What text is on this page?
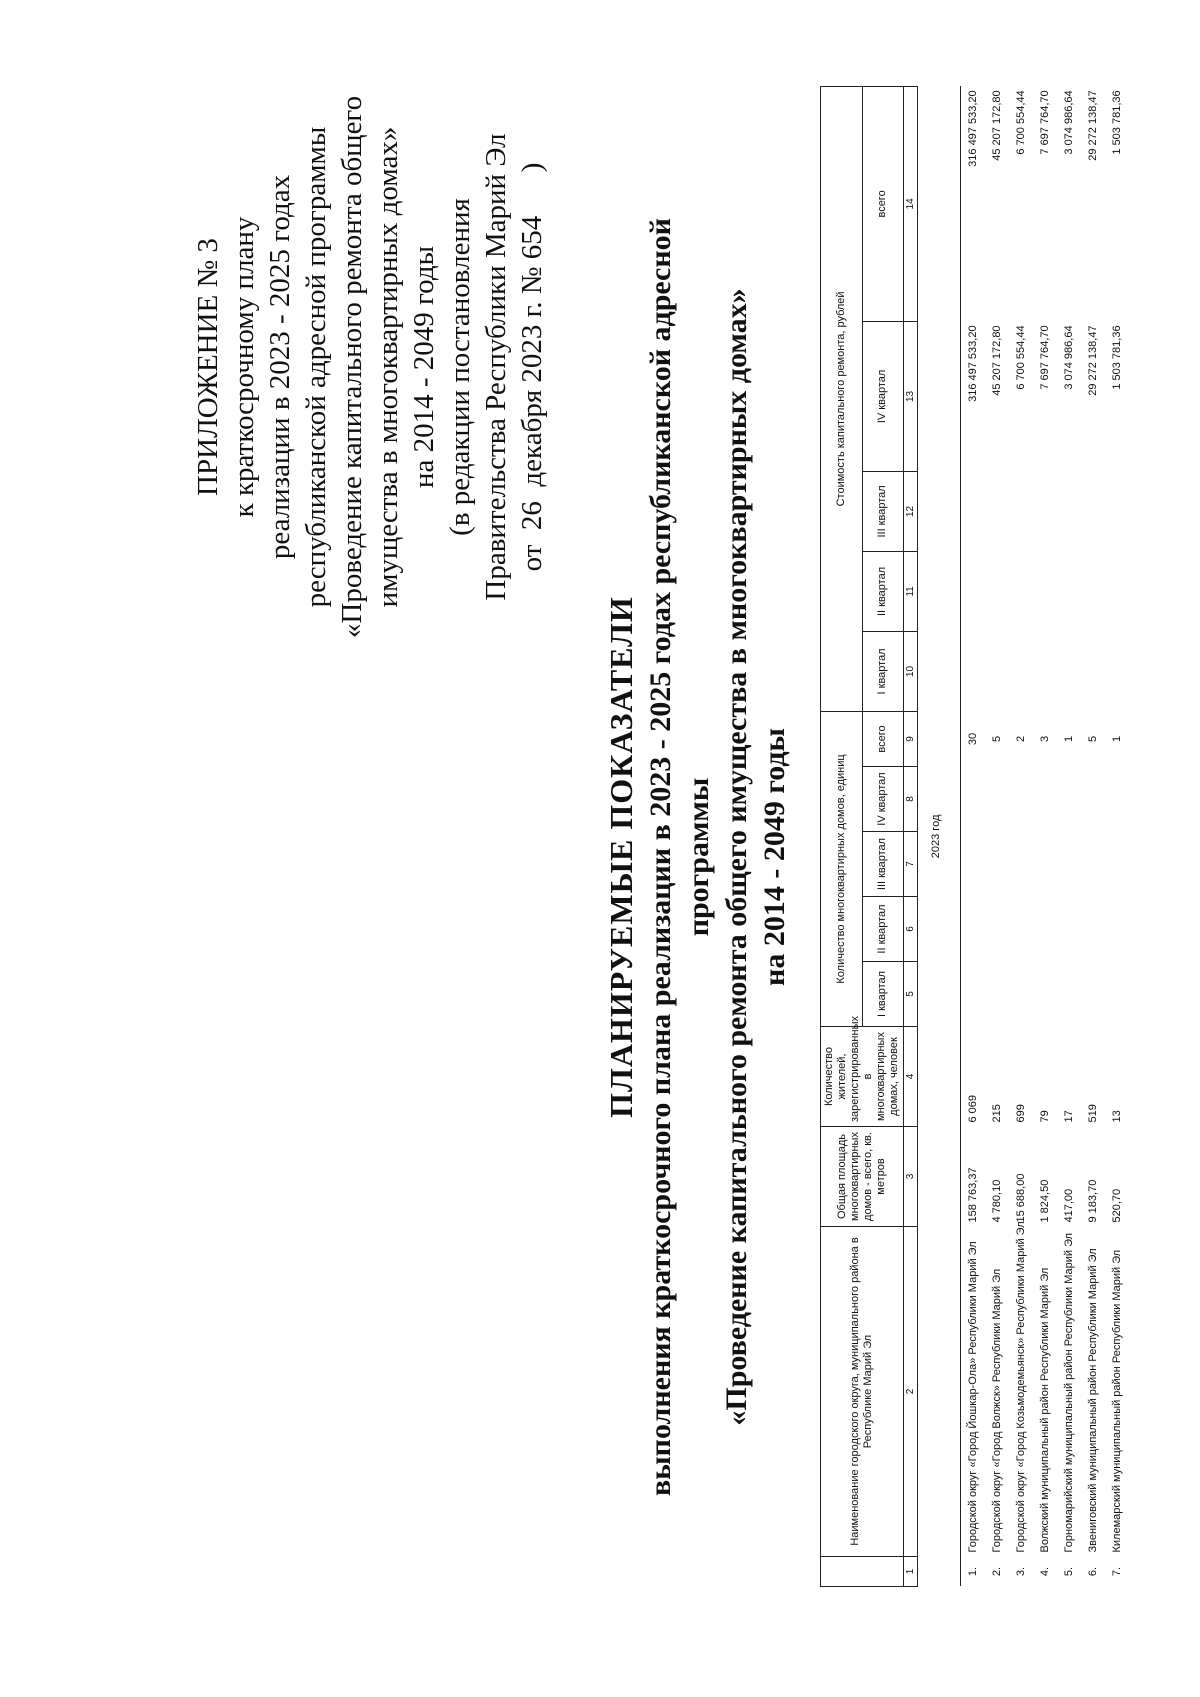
ПРИЛОЖЕНИЕ № 3 к краткосрочному плану реализации в 2023 - 2025 годах республиканской адресной программы «Проведение капитального ремонта общего имущества в многоквартирных домах» на 2014 - 2049 годы (в редакции постановления Правительства Республики Марий Эл от  26  декабря 2023 г. № 654      )
ПЛАНИРУЕМЫЕ ПОКАЗАТЕЛИ выполнения краткосрочного плана реализации в 2023 - 2025 годах республиканской адресной программы «Проведение капитального ремонта общего имущества в многоквартирных домах» на 2014 - 2049 годы
	Наименование городского округа, муниципального района в Республике Марий Эл	Общая площадь многоквартирных домов - всего, кв. метров	Количество жителей, зарегистрированных в многоквартирных домах, человек	Количество многоквартирных домов, единиц					Стоимость капитального ремонта, рублей				
				I квартал	II квартал	III квартал	IV квартал	всего	I квартал	II квартал	III квартал	IV квартал	всего
1	2	3	4	5	6	7	8	9	10	11	12	13	14
2023 год													
1.	Городской округ «Город Йошкар-Ола» Республики Марий Эл	158 763,37	6 069					30				316 497 533,20	316 497 533,20
2.	Городской округ «Город Волжск» Республики Марий Эл	4 780,10	215					5				45 207 172,80	45 207 172,80
3.	Городской округ «Город Козьмодемьянск» Республики Марий Эл	15 688,00	699					2				6 700 554,44	6 700 554,44
4.	Волжский муниципальный район Республики Марий Эл	1 824,50	79					3				7 697 764,70	7 697 764,70
5.	Горномарийский муниципальный район Республики Марий Эл	417,00	17					1				3 074 986,64	3 074 986,64
6.	Звениговский муниципальный район Республики Марий Эл	9 183,70	519					5				29 272 138,47	29 272 138,47
7.	Килемарский муниципальный район Республики Марий Эл	520,70	13					1				1 503 781,36	1 503 781,36
